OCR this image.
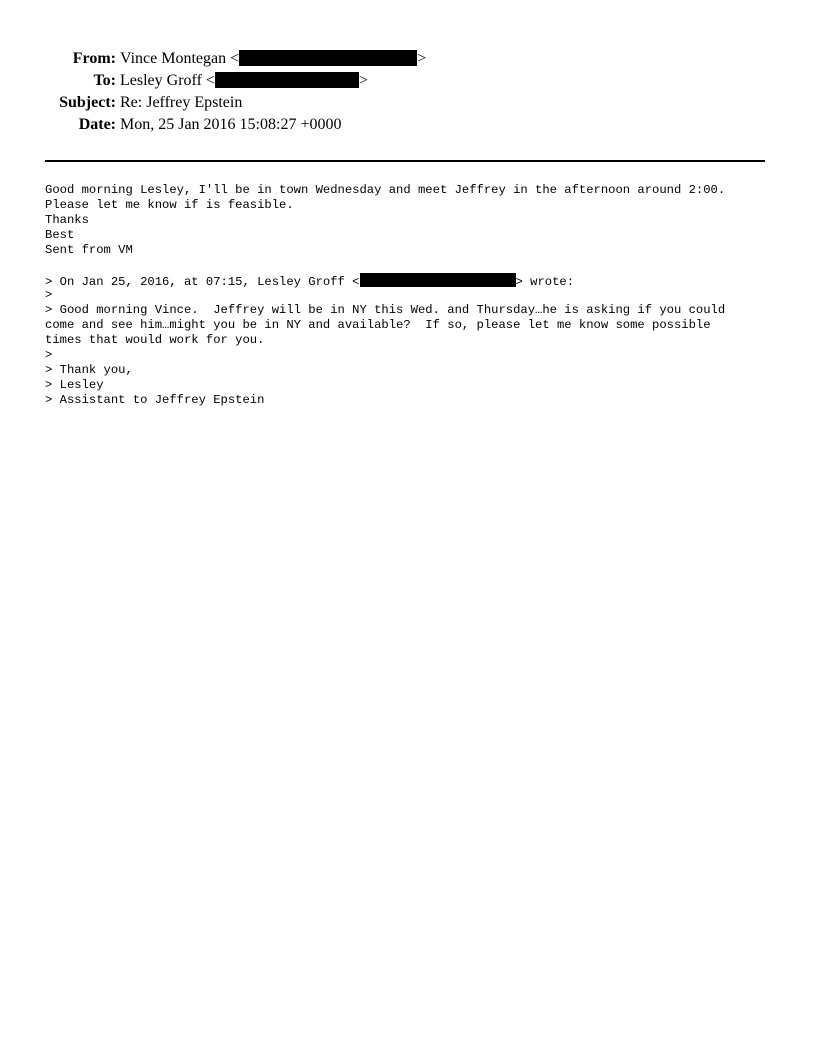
From: Vince Montegan <	>
To: Lesley Groff <	>
Subject: Re: Jeffrey Epstein
Date: Mon, 25 Jan 2016 15:08:27 +0000
Good morning Lesley, I'll be in town Wednesday and meet Jeffrey in the afternoon around 2:00.
Please let me know if is feasible.
Thanks
Best
Sent from VM
> On Jan 25, 2016, at 07:15, Lesley Groff <	> wrote:
>
> Good morning Vince.  Jeffrey will be in NY this Wed. and Thursday…he is asking if you could
come and see him…might you be in NY and available?  If so, please let me know some possible
times that would work for you.
>
> Thank you,
> Lesley
> Assistant to Jeffrey Epstein
